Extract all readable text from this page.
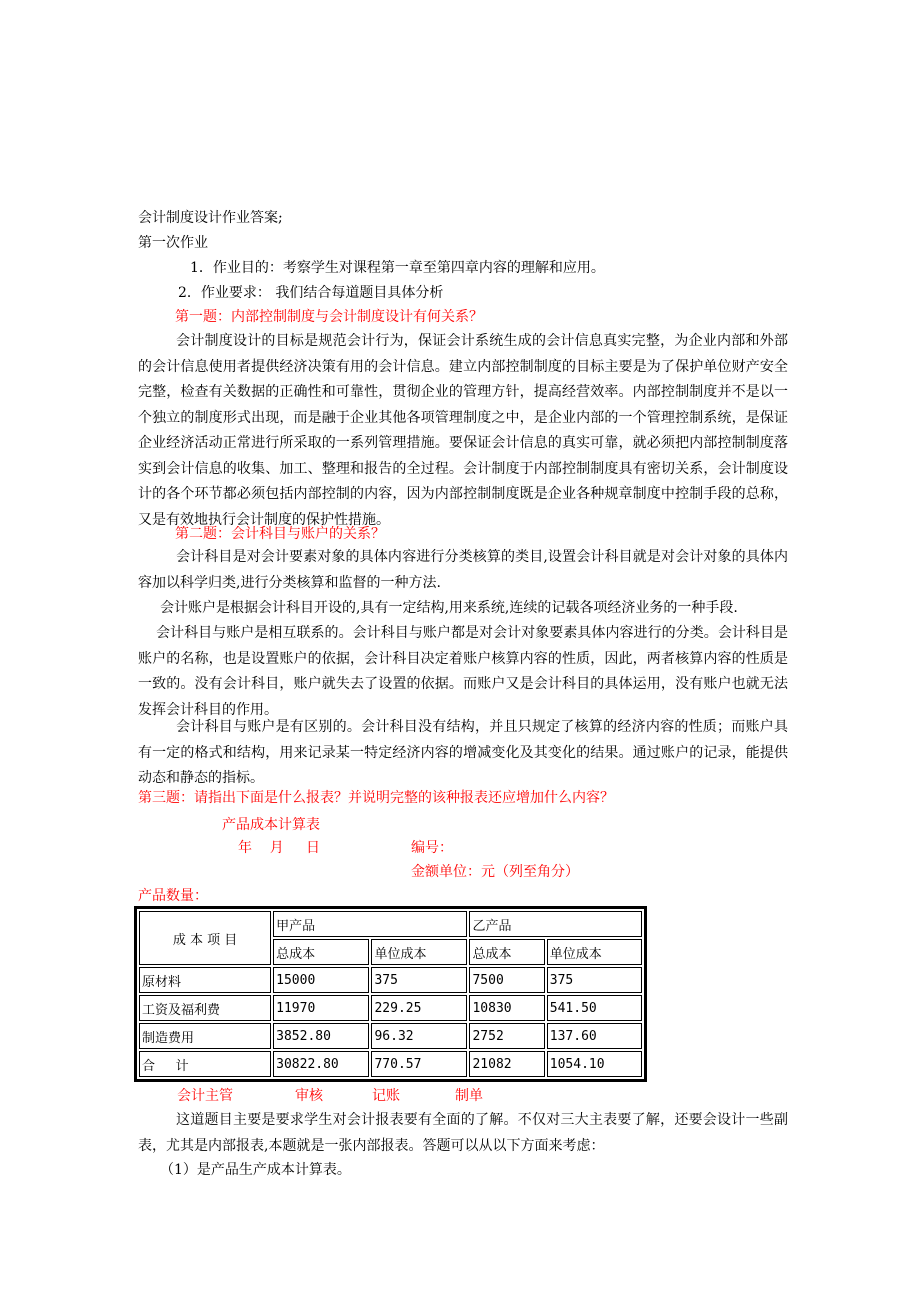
会计制度设计作业答案;
第一次作业
1．作业目的：考察学生对课程第一章至第四章内容的理解和应用。
2．作业要求： 我们结合每道题目具体分析
第一题：内部控制制度与会计制度设计有何关系？
会计制度设计的目标是规范会计行为，保证会计系统生成的会计信息真实完整，为企业内部和外部的会计信息使用者提供经济决策有用的会计信息。建立内部控制制度的目标主要是为了保护单位财产安全完整，检查有关数据的正确性和可靠性，贯彻企业的管理方针，提高经营效率。内部控制制度并不是以一个独立的制度形式出现，而是融于企业其他各项管理制度之中，是企业内部的一个管理控制系统，是保证企业经济活动正常进行所采取的一系列管理措施。要保证会计信息的真实可靠，就必须把内部控制制度落实到会计信息的收集、加工、整理和报告的全过程。会计制度于内部控制制度具有密切关系，会计制度设计的各个环节都必须包括内部控制的内容，因为内部控制制度既是企业各种规章制度中控制手段的总称，又是有效地执行会计制度的保护性措施。
第二题：会计科目与账户的关系？
会计科目是对会计要素对象的具体内容进行分类核算的类目,设置会计科目就是对会计对象的具体内容加以科学归类,进行分类核算和监督的一种方法.
会计账户是根据会计科目开设的,具有一定结构,用来系统,连续的记载各项经济业务的一种手段.
会计科目与账户是相互联系的。会计科目与账户都是对会计对象要素具体内容进行的分类。会计科目是账户的名称，也是设置账户的依据，会计科目决定着账户核算内容的性质，因此，两者核算内容的性质是一致的。没有会计科目，账户就失去了设置的依据。而账户又是会计科目的具体运用，没有账户也就无法发挥会计科目的作用。
会计科目与账户是有区别的。会计科目没有结构，并且只规定了核算的经济内容的性质；而账户具有一定的格式和结构，用来记录某一特定经济内容的增减变化及其变化的结果。通过账户的记录，能提供动态和静态的指标。
第三题：请指出下面是什么报表？并说明完整的该种报表还应增加什么内容？
产品成本计算表
年    月     日	编号：
金额单位：元（列至角分）
产品数量：
成 本 项 目	甲产品		乙产品	
	总成本	单位成本	总成本	单位成本
原材料	15000	375	7500	375
工资及福利费	11970	229.25	10830	541.50
制造费用	3852.80	96.32	2752	137.60
合     计	30822.80	770.57	21082	1054.10
会计主管	审核	记账	制单
这道题目主要是要求学生对会计报表要有全面的了解。不仅对三大主表要了解，还要会设计一些副表，尤其是内部报表,本题就是一张内部报表。答题可以从以下方面来考虑：
（1）是产品生产成本计算表。
